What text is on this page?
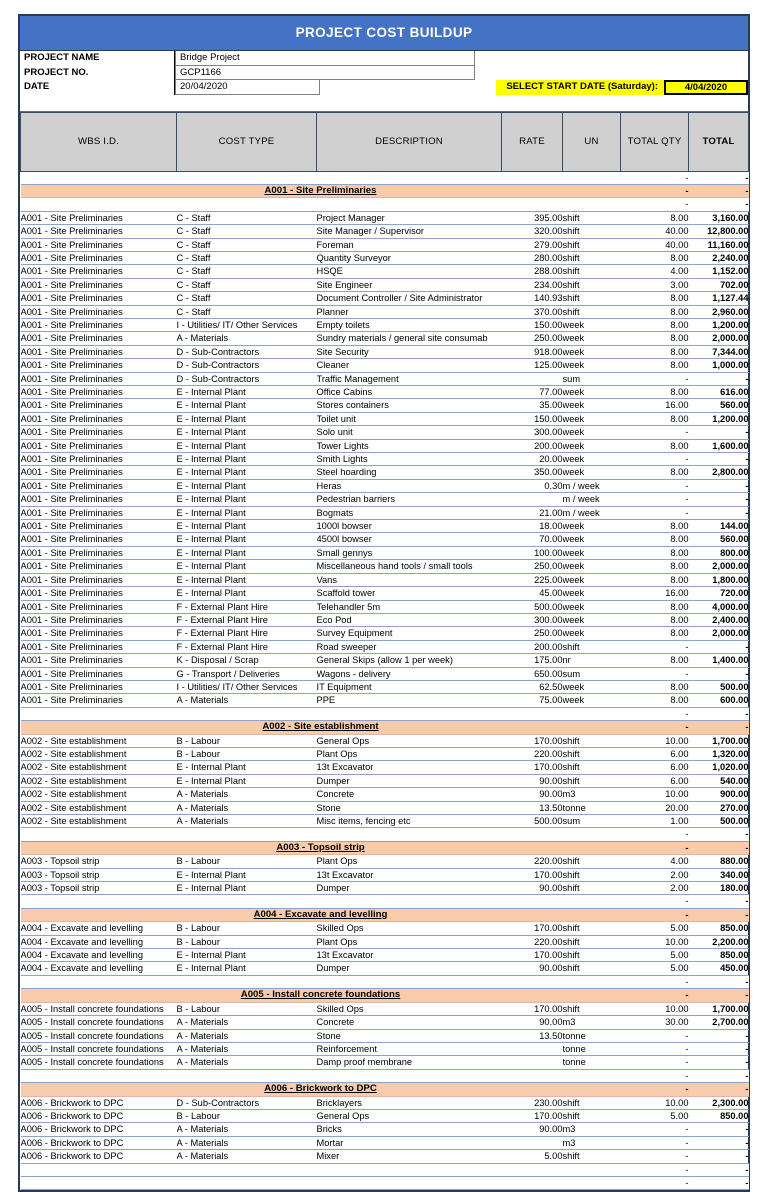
PROJECT COST BUILDUP
PROJECT NAME	Bridge Project
PROJECT NO.	GCP1166
DATE	20/04/2020	SELECT START DATE (Saturday):	4/04/2020
WBS I.D.	COST TYPE	DESCRIPTION	RATE	UN	TOTAL QTY	TOTAL
					-	-
A001 - Site Preliminaries					-	-
					-	-
A001 - Site Preliminaries	C - Staff	Project Manager	395.00	shift	8.00	3,160.00
A001 - Site Preliminaries	C - Staff	Site Manager / Supervisor	320.00	shift	40.00	12,800.00
A001 - Site Preliminaries	C - Staff	Foreman	279.00	shift	40.00	11,160.00
A001 - Site Preliminaries	C - Staff	Quantity Surveyor	280.00	shift	8.00	2,240.00
A001 - Site Preliminaries	C - Staff	HSQE	288.00	shift	4.00	1,152.00
A001 - Site Preliminaries	C - Staff	Site Engineer	234.00	shift	3.00	702.00
A001 - Site Preliminaries	C - Staff	Document Controller / Site Administrator	140.93	shift	8.00	1,127.44
A001 - Site Preliminaries	C - Staff	Planner	370.00	shift	8.00	2,960.00
A001 - Site Preliminaries	I - Utilities/ IT/ Other Services	Empty toilets	150.00	week	8.00	1,200.00
A001 - Site Preliminaries	A - Materials	Sundry materials / general site consumab	250.00	week	8.00	2,000.00
A001 - Site Preliminaries	D - Sub-Contractors	Site Security	918.00	week	8.00	7,344.00
A001 - Site Preliminaries	D - Sub-Contractors	Cleaner	125.00	week	8.00	1,000.00
A001 - Site Preliminaries	D - Sub-Contractors	Traffic Management		sum	-	-
A001 - Site Preliminaries	E - Internal Plant	Office Cabins	77.00	week	8.00	616.00
A001 - Site Preliminaries	E - Internal Plant	Stores containers	35.00	week	16.00	560.00
A001 - Site Preliminaries	E - Internal Plant	Toilet unit	150.00	week	8.00	1,200.00
A001 - Site Preliminaries	E - Internal Plant	Solo unit	300.00	week	-	-
A001 - Site Preliminaries	E - Internal Plant	Tower Lights	200.00	week	8.00	1,600.00
A001 - Site Preliminaries	E - Internal Plant	Smith Lights	20.00	week	-	-
A001 - Site Preliminaries	E - Internal Plant	Steel hoarding	350.00	week	8.00	2,800.00
A001 - Site Preliminaries	E - Internal Plant	Heras	0.30	m / week	-	-
A001 - Site Preliminaries	E - Internal Plant	Pedestrian barriers		m / week	-	-
A001 - Site Preliminaries	E - Internal Plant	Bogmats	21.00	m / week	-	-
A001 - Site Preliminaries	E - Internal Plant	1000l bowser	18.00	week	8.00	144.00
A001 - Site Preliminaries	E - Internal Plant	4500l bowser	70.00	week	8.00	560.00
A001 - Site Preliminaries	E - Internal Plant	Small gennys	100.00	week	8.00	800.00
A001 - Site Preliminaries	E - Internal Plant	Miscellaneous hand tools / small tools	250.00	week	8.00	2,000.00
A001 - Site Preliminaries	E - Internal Plant	Vans	225.00	week	8.00	1,800.00
A001 - Site Preliminaries	E - Internal Plant	Scaffold tower	45.00	week	16.00	720.00
A001 - Site Preliminaries	F - External Plant Hire	Telehandler 5m	500.00	week	8.00	4,000.00
A001 - Site Preliminaries	F - External Plant Hire	Eco Pod	300.00	week	8.00	2,400.00
A001 - Site Preliminaries	F - External Plant Hire	Survey Equipment	250.00	week	8.00	2,000.00
A001 - Site Preliminaries	F - External Plant Hire	Road sweeper	200.00	shift	-	-
A001 - Site Preliminaries	K - Disposal / Scrap	General Skips (allow 1 per week)	175.00	nr	8.00	1,400.00
A001 - Site Preliminaries	G - Transport / Deliveries	Wagons - delivery	650.00	sum	-	-
A001 - Site Preliminaries	I - Utilities/ IT/ Other Services	IT Equipment	62.50	week	8.00	500.00
A001 - Site Preliminaries	A - Materials	PPE	75.00	week	8.00	600.00
					-	-
A002 - Site establishment					-	-
A002 - Site establishment	B - Labour	General Ops	170.00	shift	10.00	1,700.00
A002 - Site establishment	B - Labour	Plant Ops	220.00	shift	6.00	1,320.00
A002 - Site establishment	E - Internal Plant	13t Excavator	170.00	shift	6.00	1,020.00
A002 - Site establishment	E - Internal Plant	Dumper	90.00	shift	6.00	540.00
A002 - Site establishment	A - Materials	Concrete	90.00	m3	10.00	900.00
A002 - Site establishment	A - Materials	Stone	13.50	tonne	20.00	270.00
A002 - Site establishment	A - Materials	Misc items, fencing etc	500.00	sum	1.00	500.00
					-	-
A003 - Topsoil strip					-	-
A003 - Topsoil strip	B - Labour	Plant Ops	220.00	shift	4.00	880.00
A003 - Topsoil strip	E - Internal Plant	13t Excavator	170.00	shift	2.00	340.00
A003 - Topsoil strip	E - Internal Plant	Dumper	90.00	shift	2.00	180.00
					-	-
A004 - Excavate and levelling					-	-
A004 - Excavate and levelling	B - Labour	Skilled Ops	170.00	shift	5.00	850.00
A004 - Excavate and levelling	B - Labour	Plant Ops	220.00	shift	10.00	2,200.00
A004 - Excavate and levelling	E - Internal Plant	13t Excavator	170.00	shift	5.00	850.00
A004 - Excavate and levelling	E - Internal Plant	Dumper	90.00	shift	5.00	450.00
					-	-
A005 - Install concrete foundations					-	-
A005 - Install concrete foundations	B - Labour	Skilled Ops	170.00	shift	10.00	1,700.00
A005 - Install concrete foundations	A - Materials	Concrete	90.00	m3	30.00	2,700.00
A005 - Install concrete foundations	A - Materials	Stone	13.50	tonne	-	-
A005 - Install concrete foundations	A - Materials	Reinforcement		tonne	-	-
A005 - Install concrete foundations	A - Materials	Damp proof membrane		tonne	-	-
					-	-
A006 - Brickwork to DPC					-	-
A006 - Brickwork to DPC	D - Sub-Contractors	Bricklayers	230.00	shift	10.00	2,300.00
A006 - Brickwork to DPC	B - Labour	General Ops	170.00	shift	5.00	850.00
A006 - Brickwork to DPC	A - Materials	Bricks	90.00	m3	-	-
A006 - Brickwork to DPC	A - Materials	Mortar		m3	-	-
A006 - Brickwork to DPC	A - Materials	Mixer	5.00	shift	-	-
					-	-
					-	-
